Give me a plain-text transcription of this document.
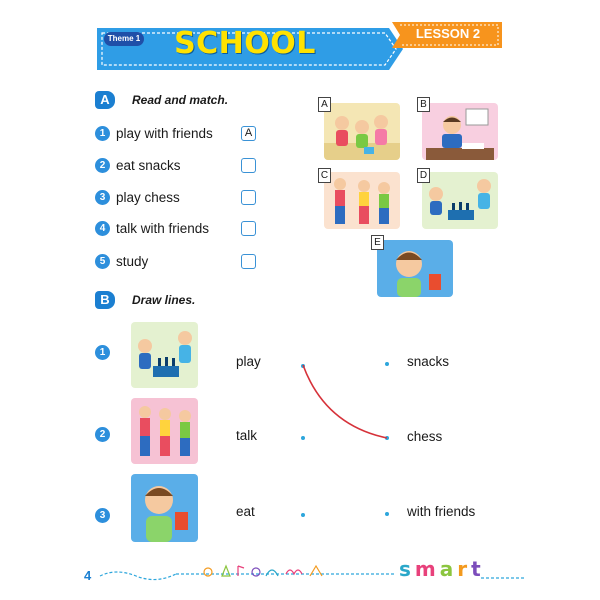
Theme 1	SCHOOL	LESSON 2
A	Read and match.
1 play with friends	A
2 eat snacks
3 play chess
4 talk with friends
5 study
A	B
C	D
E
B	Draw lines.
1
play	snacks
2	talk	chess
3	eat	with friends
4	smart
